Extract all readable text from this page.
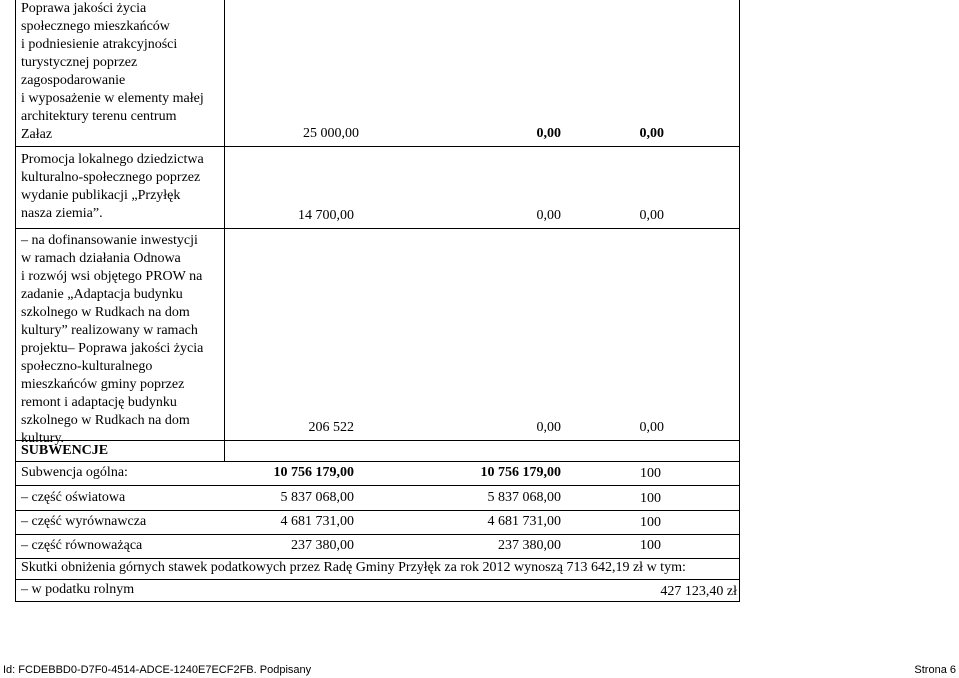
Poprawa jakości życia
społecznego mieszkańców
i podniesienie atrakcyjności
turystycznej poprzez
zagospodarowanie
i wyposażenie w elementy małej
architektury terenu centrum
Załaz	25 000,00	0,00	0,00
Promocja lokalnego dziedzictwa
kulturalno-społecznego poprzez
wydanie publikacji „Przyłęk
nasza ziemia”.	14 700,00	0,00	0,00
– na dofinansowanie inwestycji
w ramach działania Odnowa
i rozwój wsi objętego PROW na
zadanie „Adaptacja budynku
szkolnego w Rudkach na dom
kultury” realizowany w ramach
projektu– Poprawa jakości życia
społeczno-kulturalnego
mieszkańców gminy poprzez
remont i adaptację budynku
szkolnego w Rudkach na dom
kultury.
206 522	0,00	0,00
SUBWENCJE
Subwencja ogólna:	10 756 179,00	10 756 179,00	100
– część oświatowa	5 837 068,00	5 837 068,00	100
– część wyrównawcza	4 681 731,00	4 681 731,00	100
– część równoważąca	237 380,00	237 380,00	100
Skutki obniżenia górnych stawek podatkowych przez Radę Gminy Przyłęk za rok 2012 wynoszą 713 642,19 zł w tym:
– w podatku rolnym	427 123,40 zł
Id: FCDEBBD0-D7F0-4514-ADCE-1240E7ECF2FB. Podpisany	Strona 6
